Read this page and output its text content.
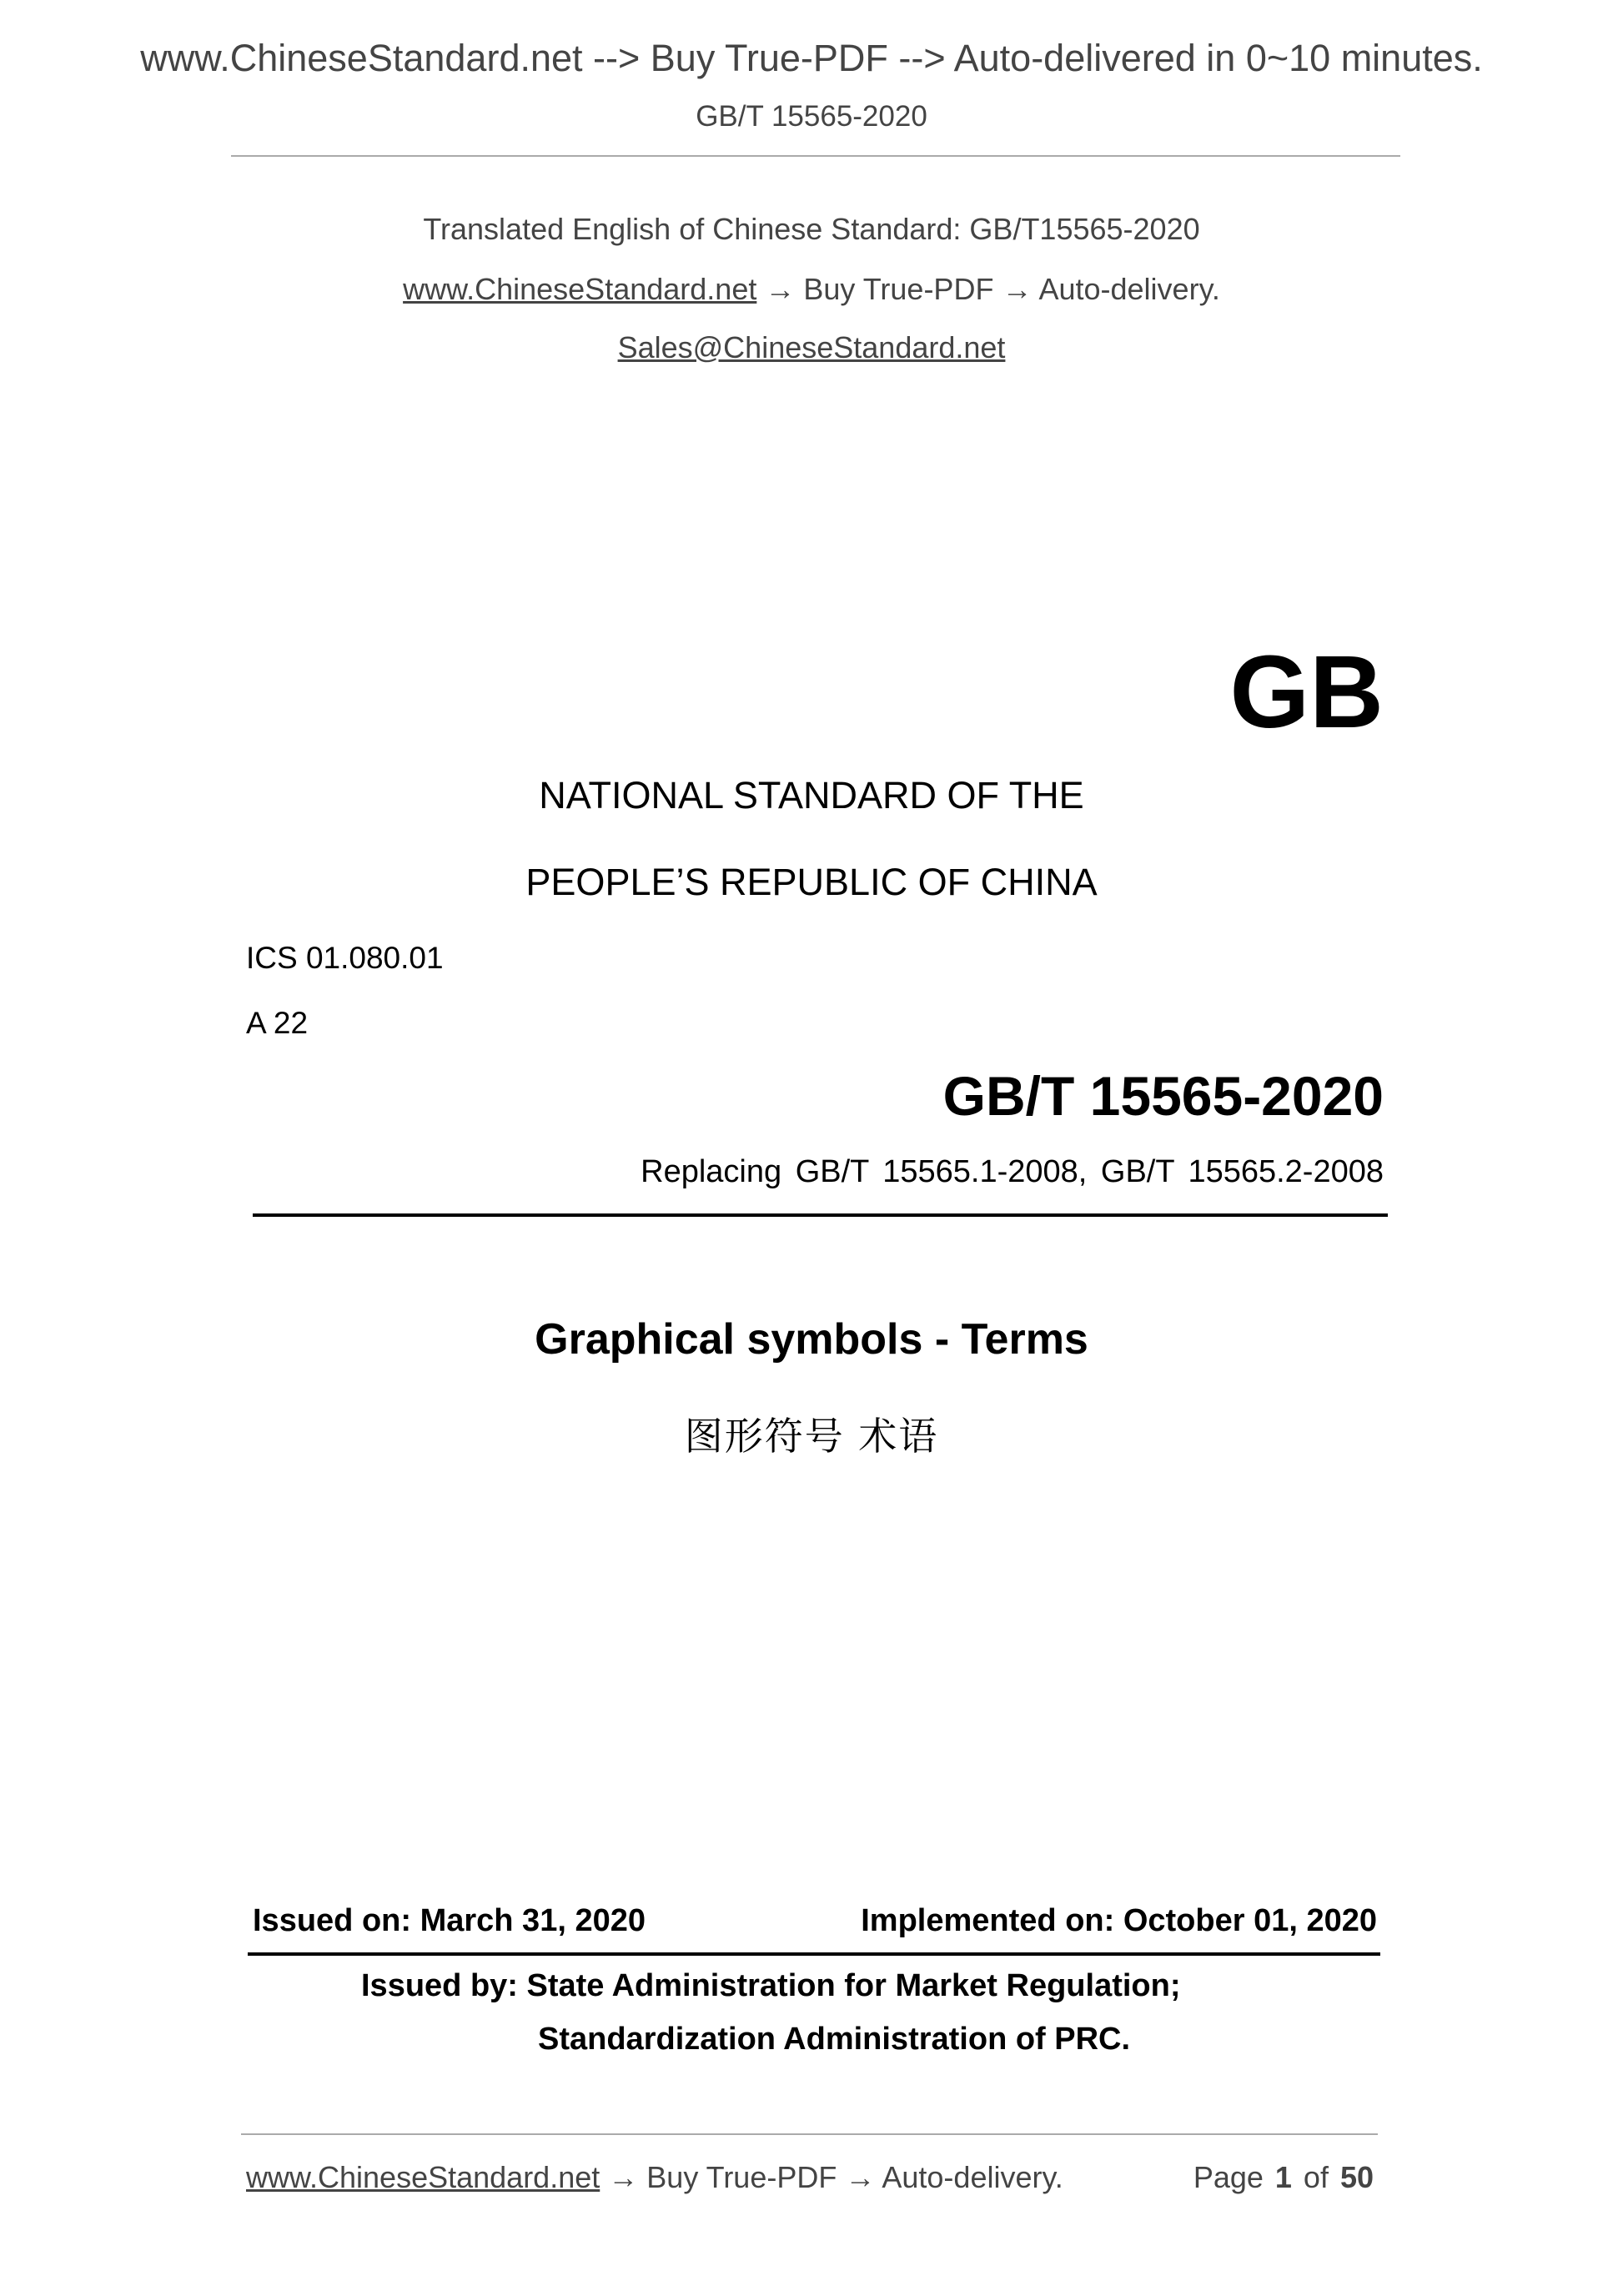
www.ChineseStandard.net --> Buy True-PDF --> Auto-delivered in 0~10 minutes.
GB/T 15565-2020
Translated English of Chinese Standard: GB/T15565-2020
www.ChineseStandard.net → Buy True-PDF → Auto-delivery.
Sales@ChineseStandard.net
GB
NATIONAL STANDARD OF THE
PEOPLE’S REPUBLIC OF CHINA
ICS 01.080.01
A 22
GB/T 15565-2020
Replacing GB/T 15565.1-2008, GB/T 15565.2-2008
Graphical symbols - Terms
图形符号 术语
Issued on: March 31, 2020	Implemented on: October 01, 2020
Issued by: State Administration for Market Regulation;
Standardization Administration of PRC.
www.ChineseStandard.net → Buy True-PDF → Auto-delivery.	Page 1 of 50
